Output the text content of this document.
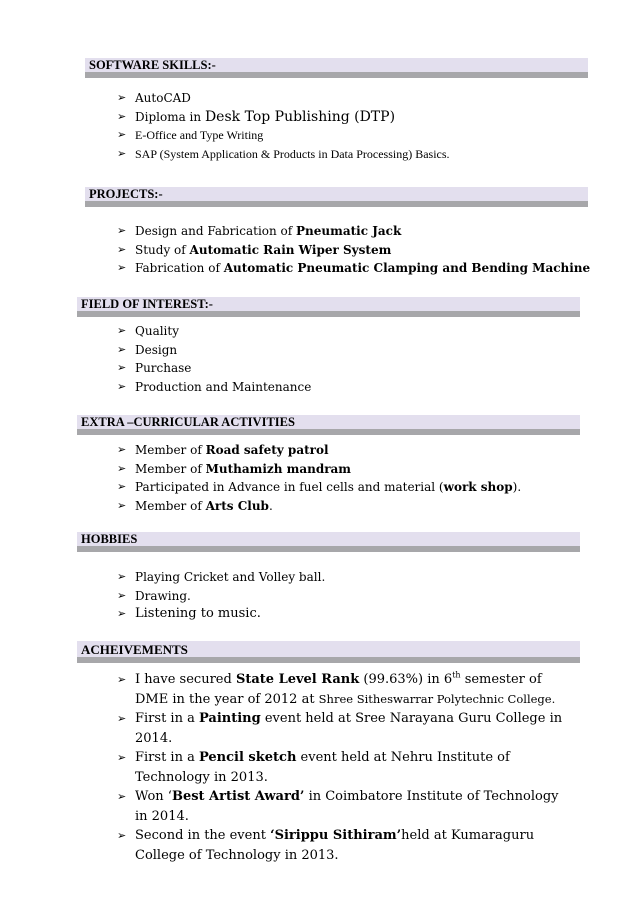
SOFTWARE SKILLS:-
➢ AutoCAD
➢ Diploma in Desk Top Publishing (DTP)
➢ E-Office and Type Writing
➢ SAP (System Application & Products in Data Processing) Basics.
PROJECTS:-
➢ Design and Fabrication of Pneumatic Jack
➢ Study of Automatic Rain Wiper System
➢ Fabrication of Automatic Pneumatic Clamping and Bending Machine
FIELD OF INTEREST:-
➢ Quality
➢ Design
➢ Purchase
➢ Production and Maintenance
EXTRA –CURRICULAR ACTIVITIES
➢ Member of Road safety patrol
➢ Member of Muthamizh mandram
➢ Participated in Advance in fuel cells and material (work shop).
➢ Member of Arts Club.
HOBBIES
➢ Playing Cricket and Volley ball.
➢ Drawing.
➢ Listening to music.
ACHEIVEMENTS
➢ I have secured State Level Rank (99.63%) in 6th semester of DME in the year of 2012 at Shree Sitheswarrar Polytechnic College.
➢ First in a Painting event held at Sree Narayana Guru College in 2014.
➢ First in a Pencil sketch event held at Nehru Institute of Technology in 2013.
➢ Won ‘Best Artist Award’ in Coimbatore Institute of Technology in 2014.
➢ Second in the event ‘Sirippu Sithiram’held at Kumaraguru College of Technology in 2013.
